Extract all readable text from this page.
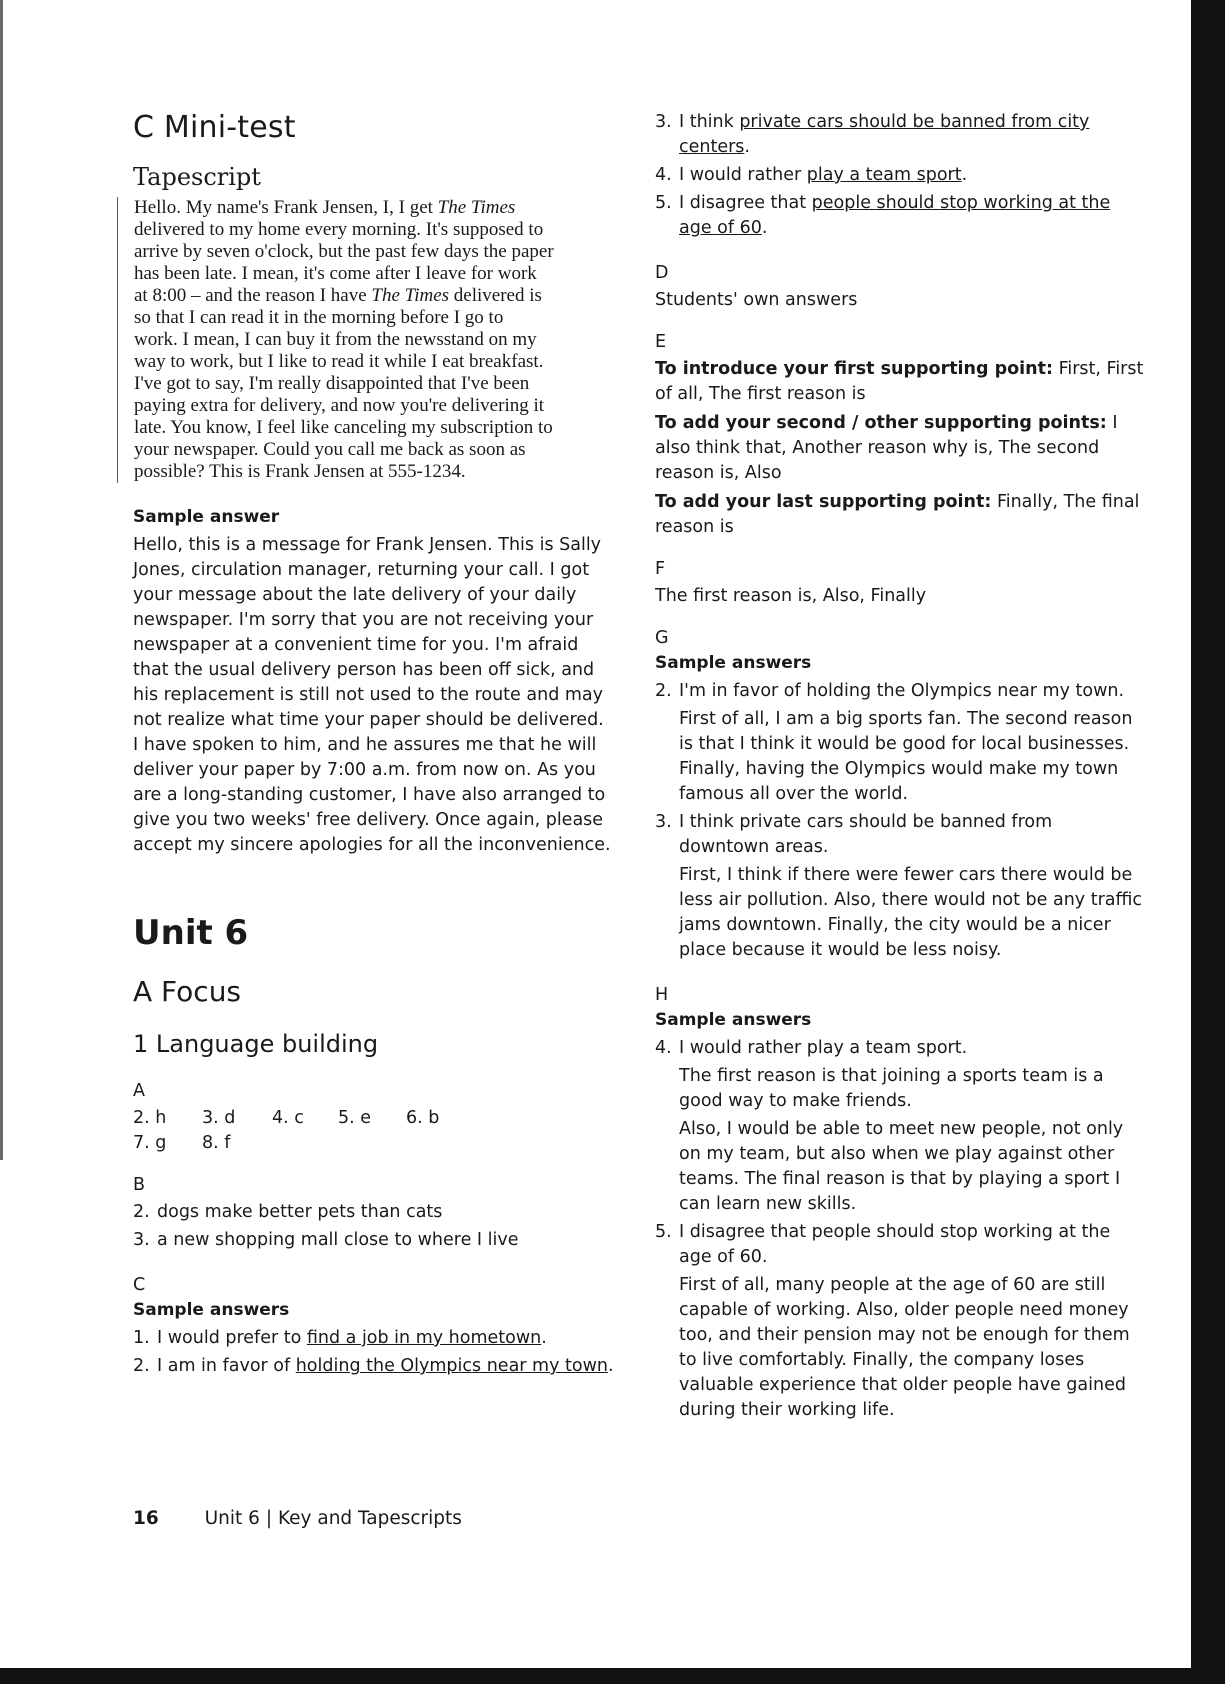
C Mini-test
Tapescript

Hello. My name's Frank Jensen, I, I get The Times

delivered to my home every morning. It's supposed to

arrive by seven o'clock, but the past few days the paper

has been late. I mean, it's come after I leave for work

at 8:00 – and the reason I have The Times delivered is

so that I can read it in the morning before I go to

work. I mean, I can buy it from the newsstand on my

way to work, but I like to read it while I eat breakfast.

I've got to say, I'm really disappointed that I've been

paying extra for delivery, and now you're delivering it

late. You know, I feel like canceling my subscription to

your newspaper. Could you call me back as soon as

possible? This is Frank Jensen at 555-1234.

Sample answer

Hello, this is a message for Frank Jensen. This is Sally

Jones, circulation manager, returning your call. I got

your message about the late delivery of your daily

newspaper. I'm sorry that you are not receiving your

newspaper at a convenient time for you. I'm afraid

that the usual delivery person has been off sick, and

his replacement is still not used to the route and may

not realize what time your paper should be delivered.

I have spoken to him, and he assures me that he will

deliver your paper by 7:00 a.m. from now on. As you

are a long-standing customer, I have also arranged to

give you two weeks' free delivery. Once again, please

accept my sincere apologies for all the inconvenience.

Unit 6
A Focus
1 Language building
A
2. h	3. d	4. c	5. e	6. b
7. g	8. f
B
2. dogs make better pets than cats
3. a new shopping mall close to where I live
C
Sample answers
1. I would prefer to find a job in my hometown.
2. I am in favor of holding the Olympics near my town.
3. I think private cars should be banned from city centers.
4. I would rather play a team sport.
5. I disagree that people should stop working at the age of 60.
D

Students' own answers

E

To introduce your first supporting point: First, First of all, The first reason is

To add your second / other supporting points: I also think that, Another reason why is, The second reason is, Also

To add your last supporting point: Finally, The final reason is

F

The first reason is, Also, Finally

G
Sample answers
2. I'm in favor of holding the Olympics near my town.

First of all, I am a big sports fan. The second reason is that I think it would be good for local businesses. Finally, having the Olympics would make my town famous all over the world.

3. I think private cars should be banned from downtown areas.

First, I think if there were fewer cars there would be less air pollution. Also, there would not be any traffic jams downtown. Finally, the city would be a nicer place because it would be less noisy.

H
Sample answers
4. I would rather play a team sport.

The first reason is that joining a sports team is a good way to make friends.

Also, I would be able to meet new people, not only on my team, but also when we play against other teams. The final reason is that by playing a sport I can learn new skills.

5. I disagree that people should stop working at the age of 60.

First of all, many people at the age of 60 are still capable of working. Also, older people need money too, and their pension may not be enough for them to live comfortably. Finally, the company loses valuable experience that older people have gained during their working life.

16 Unit 6 | Key and Tapescripts
